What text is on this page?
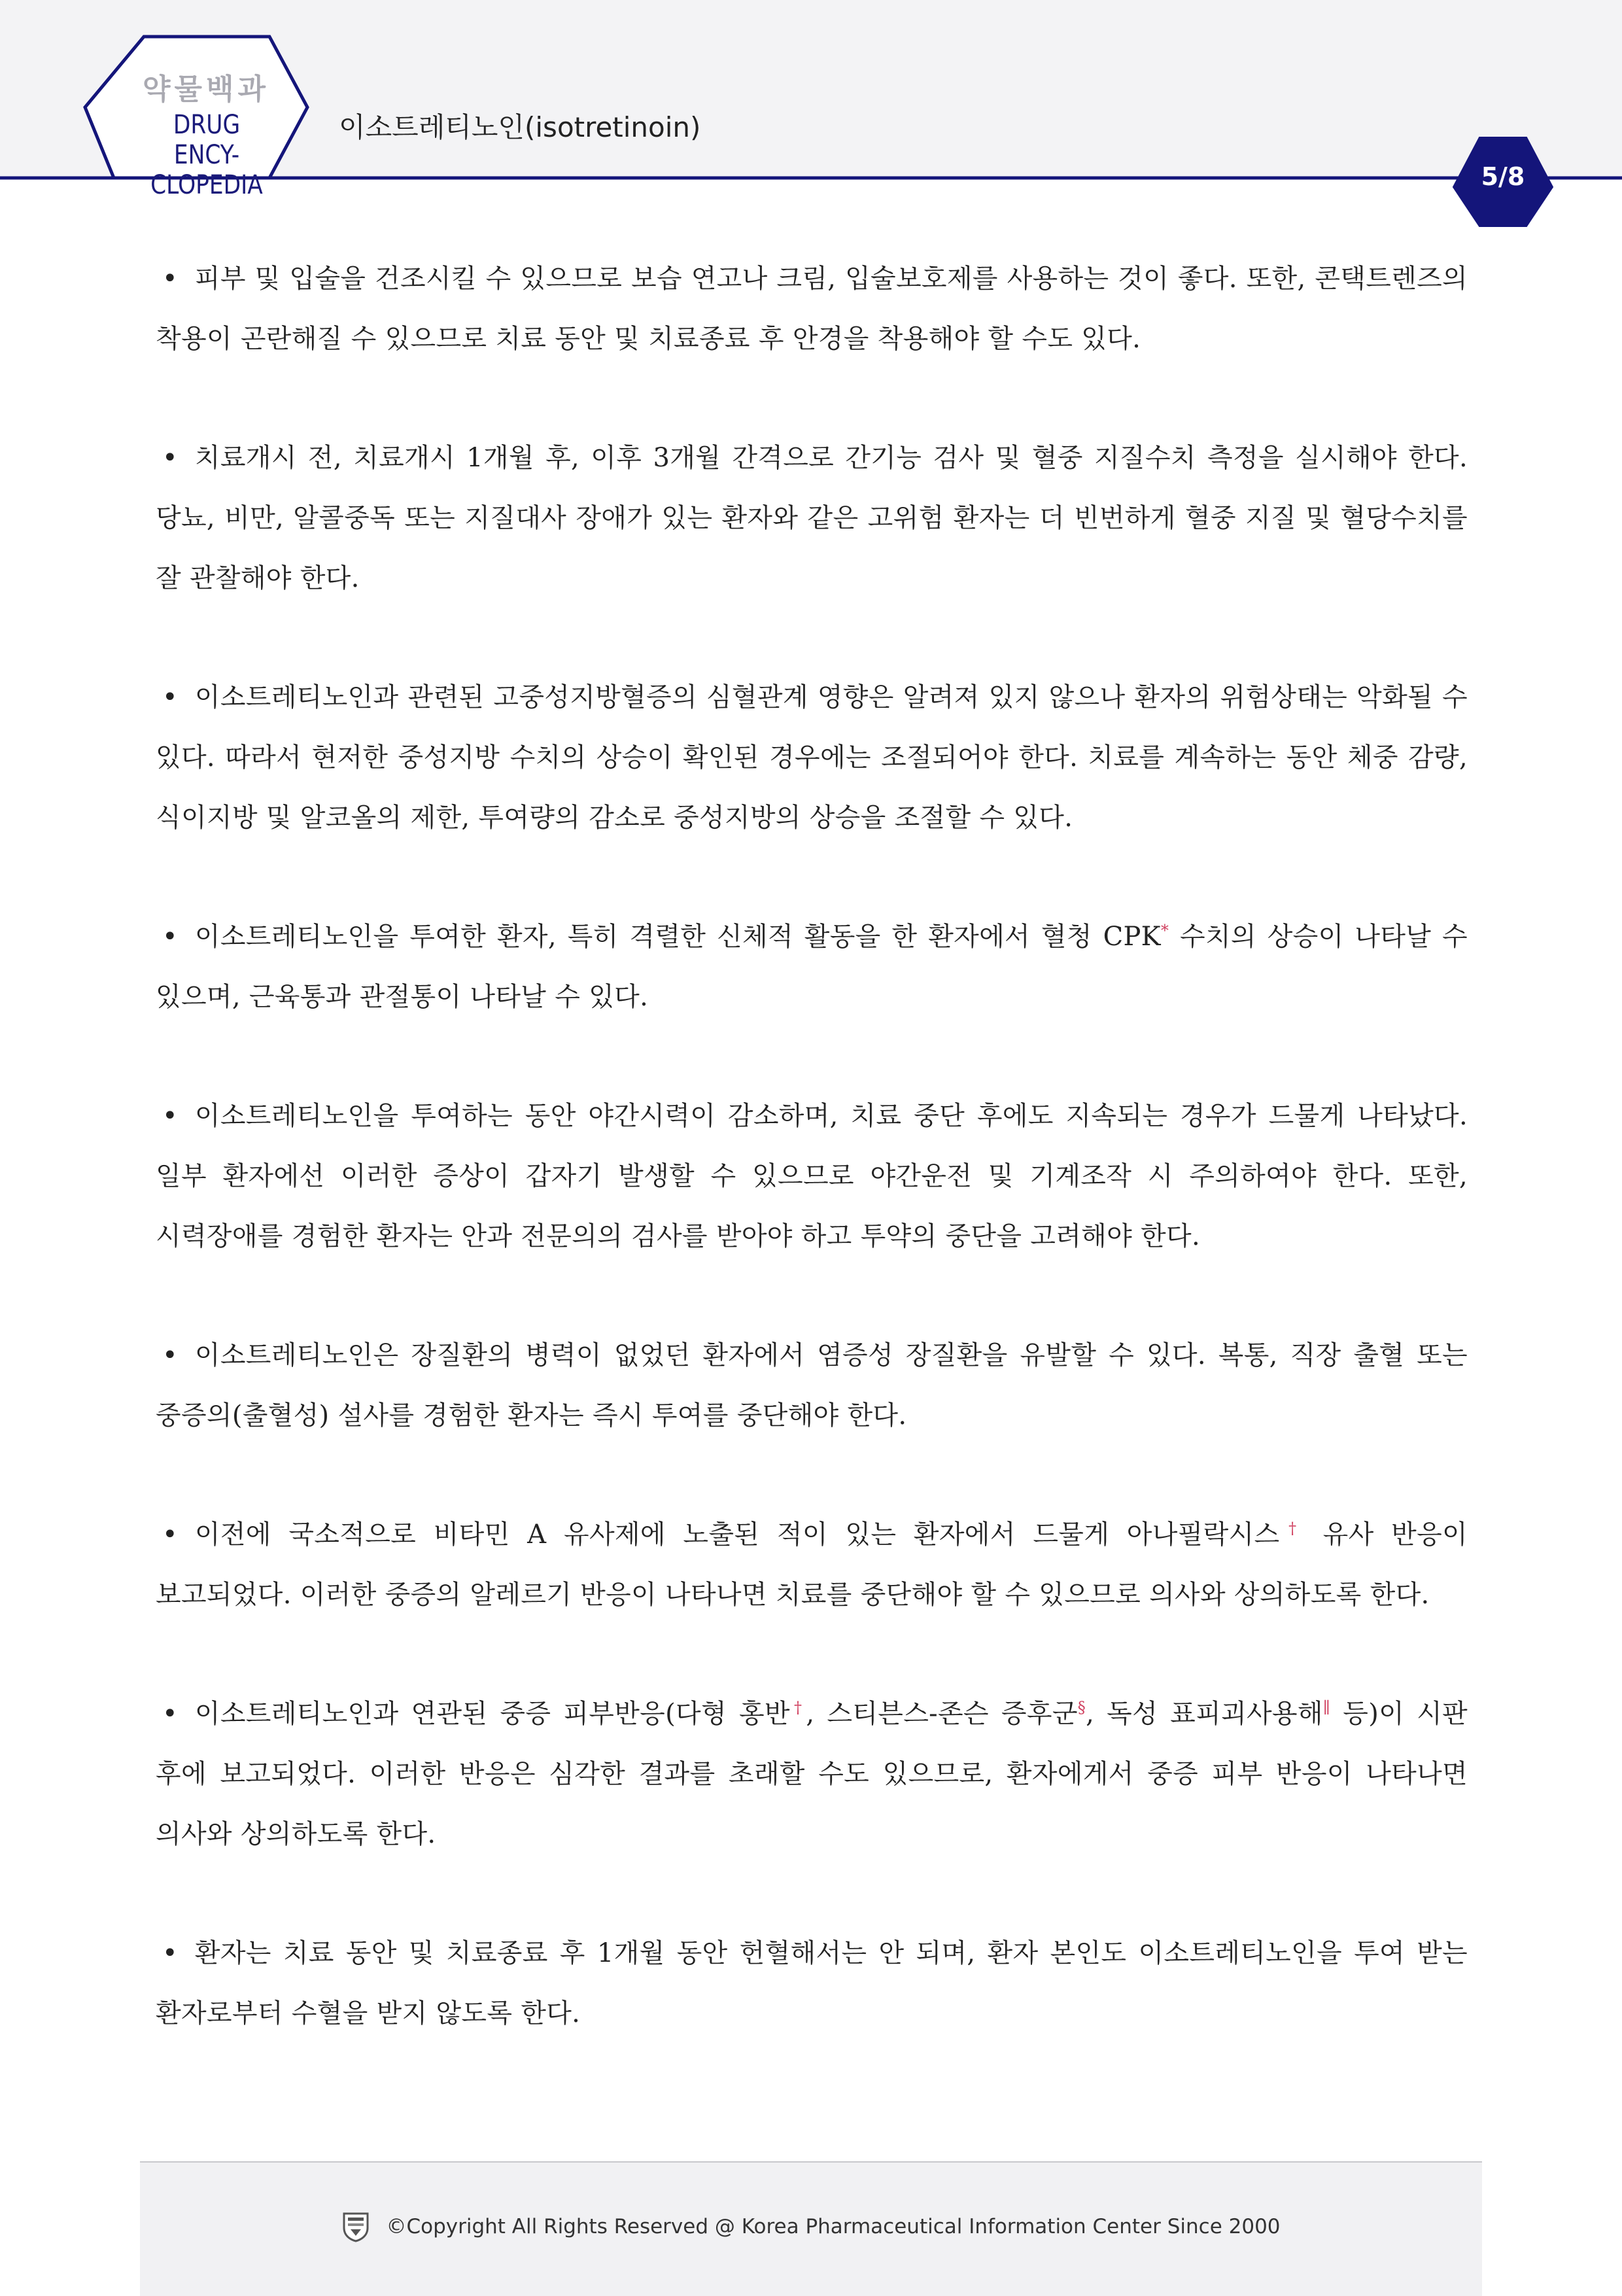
약물백과
DRUG ENCY-
CLOPEDIA
이소트레티노인(isotretinoin)
5/8

• 피부 및 입술을 건조시킬 수 있으므로 보습 연고나 크림, 입술보호제를 사용하는 것이 좋다. 또한, 콘택트렌즈의 착용이 곤란해질 수 있으므로 치료 동안 및 치료종료 후 안경을 착용해야 할 수도 있다.

• 치료개시 전, 치료개시 1개월 후, 이후 3개월 간격으로 간기능 검사 및 혈중 지질수치 측정을 실시해야 한다. 당뇨, 비만, 알콜중독 또는 지질대사 장애가 있는 환자와 같은 고위험 환자는 더 빈번하게 혈중 지질 및 혈당수치를 잘 관찰해야 한다.

• 이소트레티노인과 관련된 고중성지방혈증의 심혈관계 영향은 알려져 있지 않으나 환자의 위험상태는 악화될 수 있다. 따라서 현저한 중성지방 수치의 상승이 확인된 경우에는 조절되어야 한다. 치료를 계속하는 동안 체중 감량, 식이지방 및 알코올의 제한, 투여량의 감소로 중성지방의 상승을 조절할 수 있다.

• 이소트레티노인을 투여한 환자, 특히 격렬한 신체적 활동을 한 환자에서 혈청 CPK* 수치의 상승이 나타날 수 있으며, 근육통과 관절통이 나타날 수 있다.

• 이소트레티노인을 투여하는 동안 야간시력이 감소하며, 치료 중단 후에도 지속되는 경우가 드물게 나타났다. 일부 환자에선 이러한 증상이 갑자기 발생할 수 있으므로 야간운전 및 기계조작 시 주의하여야 한다. 또한, 시력장애를 경험한 환자는 안과 전문의의 검사를 받아야 하고 투약의 중단을 고려해야 한다.

• 이소트레티노인은 장질환의 병력이 없었던 환자에서 염증성 장질환을 유발할 수 있다. 복통, 직장 출혈 또는 중증의(출혈성) 설사를 경험한 환자는 즉시 투여를 중단해야 한다.

• 이전에 국소적으로 비타민 A 유사제에 노출된 적이 있는 환자에서 드물게 아나필락시스† 유사 반응이 보고되었다. 이러한 중증의 알레르기 반응이 나타나면 치료를 중단해야 할 수 있으므로 의사와 상의하도록 한다.

• 이소트레티노인과 연관된 중증 피부반응(다형 홍반†, 스티븐스-존슨 증후군§, 독성 표피괴사용해∥ 등)이 시판 후에 보고되었다. 이러한 반응은 심각한 결과를 초래할 수도 있으므로, 환자에게서 중증 피부 반응이 나타나면 의사와 상의하도록 한다.

• 환자는 치료 동안 및 치료종료 후 1개월 동안 헌혈해서는 안 되며, 환자 본인도 이소트레티노인을 투여 받는 환자로부터 수혈을 받지 않도록 한다.

©Copyright All Rights Reserved @ Korea Pharmaceutical Information Center Since 2000
